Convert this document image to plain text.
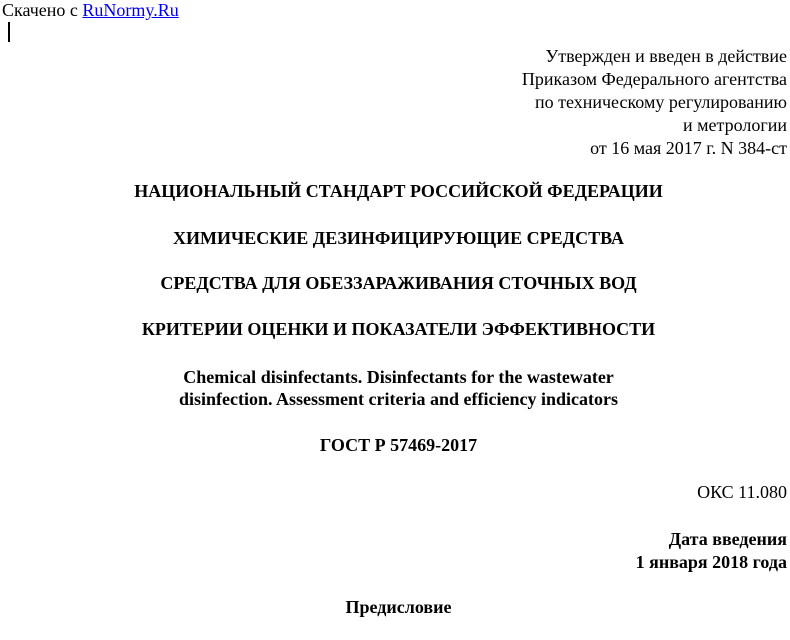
Скачено с RuNormy.Ru
Утвержден и введен в действие
Приказом Федерального агентства
по техническому регулированию
и метрологии
от 16 мая 2017 г. N 384-ст
НАЦИОНАЛЬНЫЙ СТАНДАРТ РОССИЙСКОЙ ФЕДЕРАЦИИ
ХИМИЧЕСКИЕ ДЕЗИНФИЦИРУЮЩИЕ СРЕДСТВА
СРЕДСТВА ДЛЯ ОБЕЗЗАРАЖИВАНИЯ СТОЧНЫХ ВОД
КРИТЕРИИ ОЦЕНКИ И ПОКАЗАТЕЛИ ЭФФЕКТИВНОСТИ
Chemical disinfectants. Disinfectants for the wastewater
disinfection. Assessment criteria and efficiency indicators
ГОСТ Р 57469-2017
ОКС 11.080
Дата введения
1 января 2018 года
Предисловие
